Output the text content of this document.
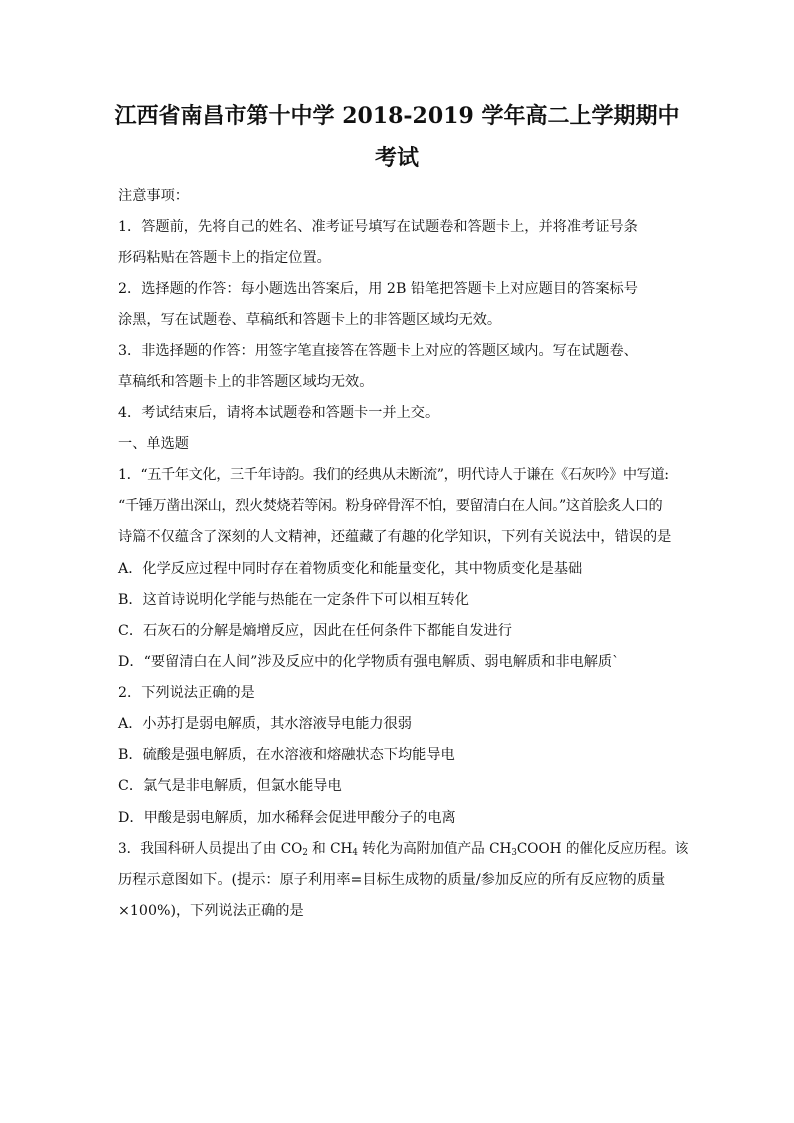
江西省南昌市第十中学 2018-2019 学年高二上学期期中
考试
注意事项：
1．答题前，先将自己的姓名、准考证号填写在试题卷和答题卡上，并将准考证号条
形码粘贴在答题卡上的指定位置。
2．选择题的作答：每小题选出答案后，用 2B 铅笔把答题卡上对应题目的答案标号
涂黑，写在试题卷、草稿纸和答题卡上的非答题区域均无效。
3．非选择题的作答：用签字笔直接答在答题卡上对应的答题区域内。写在试题卷、
草稿纸和答题卡上的非答题区域均无效。
4．考试结束后，请将本试题卷和答题卡一并上交。
一、单选题
1．“五千年文化，三千年诗韵。我们的经典从未断流”，明代诗人于谦在《石灰吟》中写道:
“千锤万凿出深山，烈火焚烧若等闲。粉身碎骨浑不怕，要留清白在人间。”这首脍炙人口的
诗篇不仅蕴含了深刻的人文精神，还蕴藏了有趣的化学知识，下列有关说法中，错误的是
A．化学反应过程中同时存在着物质变化和能量变化，其中物质变化是基础
B．这首诗说明化学能与热能在一定条件下可以相互转化
C．石灰石的分解是熵增反应，因此在任何条件下都能自发进行
D．“要留清白在人间”涉及反应中的化学物质有强电解质、弱电解质和非电解质`
2．下列说法正确的是
A．小苏打是弱电解质，其水溶液导电能力很弱
B．硫酸是强电解质，在水溶液和熔融状态下均能导电
C．氯气是非电解质，但氯水能导电
D．甲酸是弱电解质，加水稀释会促进甲酸分子的电离
3．我国科研人员提出了由 $CO_2$ 和 $CH_4$ 转化为高附加值产品 $CH_3COOH$ 的催化反应历程。该
历程示意图如下。(提示：原子利用率=目标生成物的质量/参加反应的所有反应物的质量
×100%)，下列说法正确的是
